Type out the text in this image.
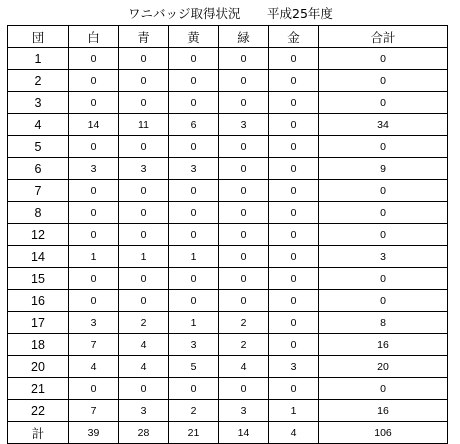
ワニバッジ取得状況 平成25年度
団	白	青	黄	緑	金	合計
1	0	0	0	0	0	0
2	0	0	0	0	0	0
3	0	0	0	0	0	0
4	14	11	6	3	0	34
5	0	0	0	0	0	0
6	3	3	3	0	0	9
7	0	0	0	0	0	0
8	0	0	0	0	0	0
12	0	0	0	0	0	0
14	1	1	1	0	0	3
15	0	0	0	0	0	0
16	0	0	0	0	0	0
17	3	2	1	2	0	8
18	7	4	3	2	0	16
20	4	4	5	4	3	20
21	0	0	0	0	0	0
22	7	3	2	3	1	16
計	39	28	21	14	4	106
